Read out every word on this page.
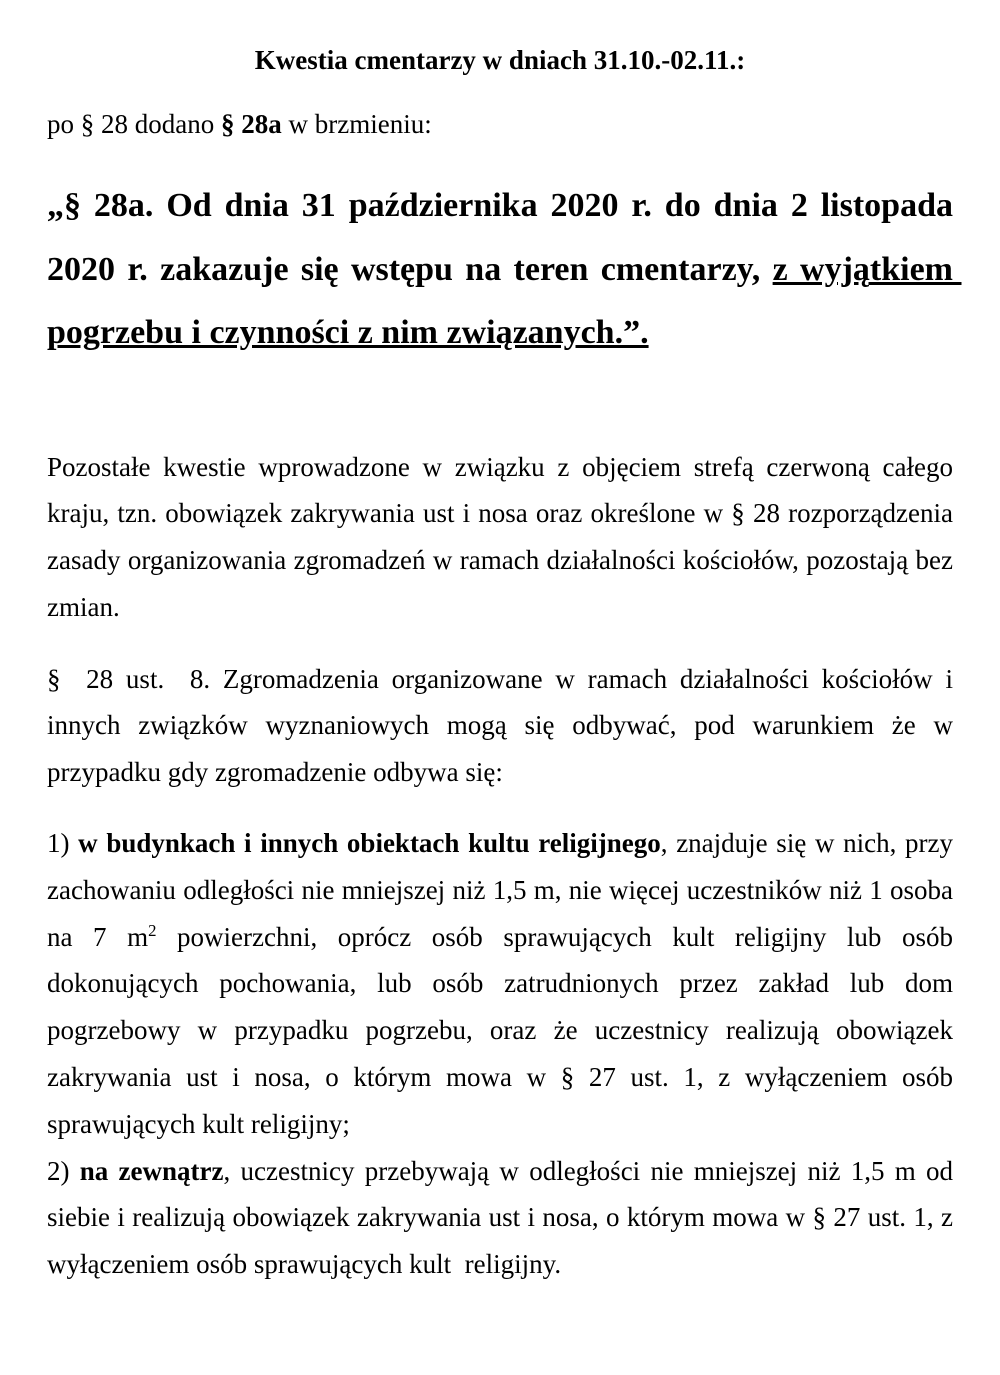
Kwestia cmentarzy w dniach 31.10.-02.11.:

po § 28 dodano § 28a w brzmieniu:

„§ 28a. Od dnia 31 października 2020 r. do dnia 2 listopada 2020 r. zakazuje się wstępu na teren cmentarzy, z wyjątkiem pogrzebu i czynności z nim związanych.”.

Pozostałe kwestie wprowadzone w związku z objęciem strefą czerwoną całego kraju, tzn. obowiązek zakrywania ust i nosa oraz określone w § 28 rozporządzenia zasady organizowania zgromadzeń w ramach działalności kościołów, pozostają bez zmian.

§  28 ust.  8. Zgromadzenia organizowane w ramach działalności kościołów i innych związków wyznaniowych mogą się odbywać, pod warunkiem że w przypadku gdy zgromadzenie odbywa się:

1) w budynkach i innych obiektach kultu religijnego, znajduje się w nich, przy zachowaniu odległości nie mniejszej niż 1,5 m, nie więcej uczestników niż 1 osoba na 7 $m^2$ powierzchni, oprócz osób sprawujących kult religijny lub osób dokonujących pochowania, lub osób zatrudnionych przez zakład lub dom pogrzebowy w przypadku pogrzebu, oraz że uczestnicy realizują obowiązek zakrywania ust i nosa, o którym mowa w § 27 ust. 1, z wyłączeniem osób sprawujących kult religijny;

2) na zewnątrz, uczestnicy przebywają w odległości nie mniejszej niż 1,5 m od siebie i realizują obowiązek zakrywania ust i nosa, o którym mowa w § 27 ust. 1, z wyłączeniem osób sprawujących kult  religijny.
